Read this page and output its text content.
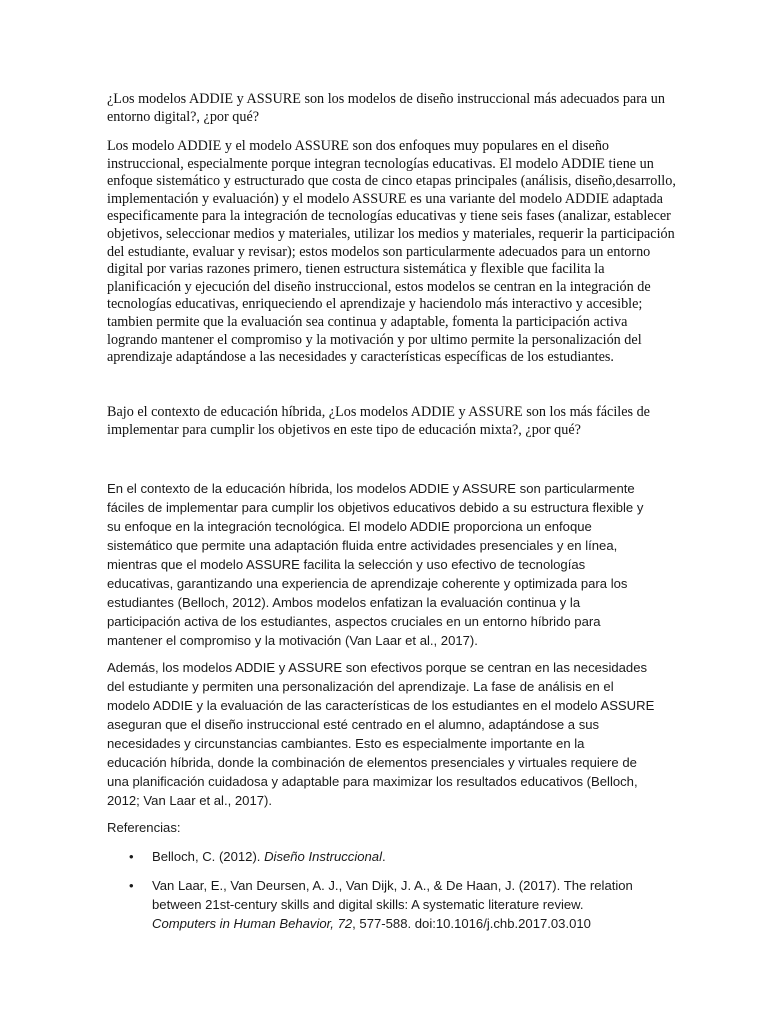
¿Los modelos ADDIE y ASSURE son los modelos de diseño instruccional más adecuados para un
entorno digital?, ¿por qué?
Los modelo ADDIE y el modelo ASSURE son dos enfoques muy populares en el diseño
instruccional, especialmente porque integran tecnologías educativas. El modelo ADDIE tiene un
enfoque sistemático y estructurado que costa de cinco etapas principales (análisis, diseño,desarrollo,
implementación y evaluación) y el modelo ASSURE es una variante del modelo ADDIE adaptada
especificamente para la integración de tecnologías educativas y tiene seis fases (analizar, establecer
objetivos, seleccionar medios y materiales, utilizar los medios y materiales, requerir la participación
del estudiante, evaluar y revisar); estos modelos son particularmente adecuados para un entorno
digital por varias razones primero, tienen estructura sistemática y flexible que facilita la
planificación y ejecución del diseño instruccional, estos modelos se centran en la integración de
tecnologías educativas, enriqueciendo el aprendizaje y haciendolo más interactivo y accesible;
tambien permite que la evaluación sea continua y adaptable, fomenta la participación activa
logrando mantener el compromiso y la motivación y por ultimo permite la personalización del
aprendizaje adaptándose a las necesidades y características específicas de los estudiantes.
Bajo el contexto de educación híbrida, ¿Los modelos ADDIE y ASSURE son los más fáciles de
implementar para cumplir los objetivos en este tipo de educación mixta?, ¿por qué?
En el contexto de la educación híbrida, los modelos ADDIE y ASSURE son particularmente
fáciles de implementar para cumplir los objetivos educativos debido a su estructura flexible y
su enfoque en la integración tecnológica. El modelo ADDIE proporciona un enfoque
sistemático que permite una adaptación fluida entre actividades presenciales y en línea,
mientras que el modelo ASSURE facilita la selección y uso efectivo de tecnologías
educativas, garantizando una experiencia de aprendizaje coherente y optimizada para los
estudiantes (Belloch, 2012). Ambos modelos enfatizan la evaluación continua y la
participación activa de los estudiantes, aspectos cruciales en un entorno híbrido para
mantener el compromiso y la motivación (Van Laar et al., 2017).
Además, los modelos ADDIE y ASSURE son efectivos porque se centran en las necesidades
del estudiante y permiten una personalización del aprendizaje. La fase de análisis en el
modelo ADDIE y la evaluación de las características de los estudiantes en el modelo ASSURE
aseguran que el diseño instruccional esté centrado en el alumno, adaptándose a sus
necesidades y circunstancias cambiantes. Esto es especialmente importante en la
educación híbrida, donde la combinación de elementos presenciales y virtuales requiere de
una planificación cuidadosa y adaptable para maximizar los resultados educativos (Belloch,
2012; Van Laar et al., 2017).
Referencias:
• Belloch, C. (2012). Diseño Instruccional.
• Van Laar, E., Van Deursen, A. J., Van Dijk, J. A., & De Haan, J. (2017). The relation
between 21st-century skills and digital skills: A systematic literature review.
Computers in Human Behavior, 72, 577-588. doi:10.1016/j.chb.2017.03.010
